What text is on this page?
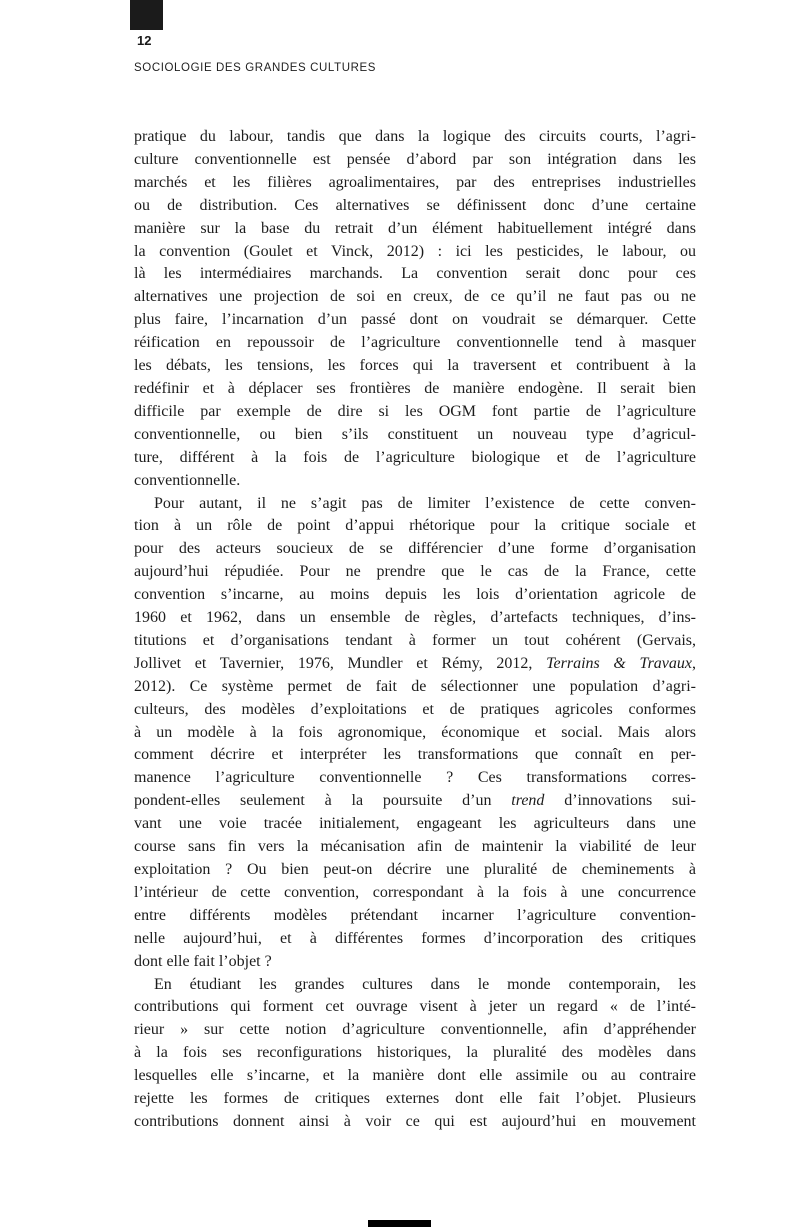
12
SOCIOLOGIE DES GRANDES CULTURES
pratique du labour, tandis que dans la logique des circuits courts, l’agri-
culture conventionnelle est pensée d’abord par son intégration dans les
marchés et les filières agroalimentaires, par des entreprises industrielles
ou de distribution. Ces alternatives se définissent donc d’une certaine
manière sur la base du retrait d’un élément habituellement intégré dans
la convention (Goulet et Vinck, 2012) : ici les pesticides, le labour, ou
là les intermédiaires marchands. La convention serait donc pour ces
alternatives une projection de soi en creux, de ce qu’il ne faut pas ou ne
plus faire, l’incarnation d’un passé dont on voudrait se démarquer. Cette
réification en repoussoir de l’agriculture conventionnelle tend à masquer
les débats, les tensions, les forces qui la traversent et contribuent à la
redéfinir et à déplacer ses frontières de manière endogène. Il serait bien
difficile par exemple de dire si les OGM font partie de l’agriculture
conventionnelle, ou bien s’ils constituent un nouveau type d’agricul-
ture, différent à la fois de l’agriculture biologique et de l’agriculture
conventionnelle.
Pour autant, il ne s’agit pas de limiter l’existence de cette conven-
tion à un rôle de point d’appui rhétorique pour la critique sociale et
pour des acteurs soucieux de se différencier d’une forme d’organisation
aujourd’hui répudiée. Pour ne prendre que le cas de la France, cette
convention s’incarne, au moins depuis les lois d’orientation agricole de
1960 et 1962, dans un ensemble de règles, d’artefacts techniques, d’ins-
titutions et d’organisations tendant à former un tout cohérent (Gervais,
Jollivet et Tavernier, 1976, Mundler et Rémy, 2012, Terrains & Travaux,
2012). Ce système permet de fait de sélectionner une population d’agri-
culteurs, des modèles d’exploitations et de pratiques agricoles conformes
à un modèle à la fois agronomique, économique et social. Mais alors
comment décrire et interpréter les transformations que connaît en per-
manence l’agriculture conventionnelle ? Ces transformations corres-
pondent-elles seulement à la poursuite d’un trend d’innovations sui-
vant une voie tracée initialement, engageant les agriculteurs dans une
course sans fin vers la mécanisation afin de maintenir la viabilité de leur
exploitation ? Ou bien peut-on décrire une pluralité de cheminements à
l’intérieur de cette convention, correspondant à la fois à une concurrence
entre différents modèles prétendant incarner l’agriculture convention-
nelle aujourd’hui, et à différentes formes d’incorporation des critiques
dont elle fait l’objet ?
En étudiant les grandes cultures dans le monde contemporain, les
contributions qui forment cet ouvrage visent à jeter un regard « de l’inté-
rieur » sur cette notion d’agriculture conventionnelle, afin d’appréhender
à la fois ses reconfigurations historiques, la pluralité des modèles dans
lesquelles elle s’incarne, et la manière dont elle assimile ou au contraire
rejette les formes de critiques externes dont elle fait l’objet. Plusieurs
contributions donnent ainsi à voir ce qui est aujourd’hui en mouvement
